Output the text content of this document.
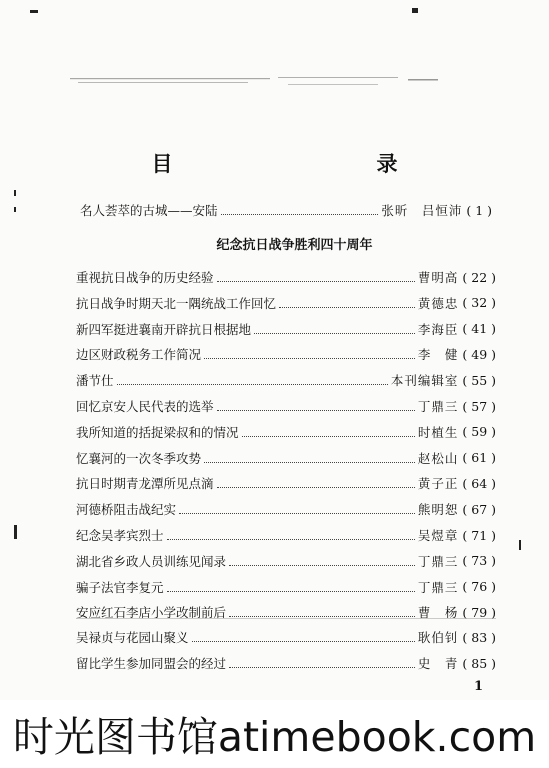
目　　录
名人荟萃的古城——安陆	张昕　吕恒沛 ( 1 )
纪念抗日战争胜利四十周年
重视抗日战争的历史经验	曹明高 ( 22 )
抗日战争时期天北一隅统战工作回忆	黄德忠 ( 32 )
新四军挺进襄南开辟抗日根据地	李海臣 ( 41 )
边区财政税务工作简况	李　健 ( 49 )
潘节仕	本刊编辑室 ( 55 )
回忆京安人民代表的选举	丁鼎三 ( 57 )
我所知道的括捉梁叔和的情况	时植生 ( 59 )
忆襄河的一次冬季攻势	赵松山 ( 61 )
抗日时期青龙潭所见点滴	黄子正 ( 64 )
河德桥阻击战纪实	熊明恕 ( 67 )
纪念吴孝宾烈士	吴煜章 ( 71 )
湖北省乡政人员训练见闻录	丁鼎三 ( 73 )
骗子法官李复元	丁鼎三 ( 76 )
安应红石李店小学改制前后	曹　杨 ( 79 )
吴禄贞与花园山聚义	耿伯钊 ( 83 )
留比学生参加同盟会的经过	史　青 ( 85 )
1
时光图书馆atimebook.com
